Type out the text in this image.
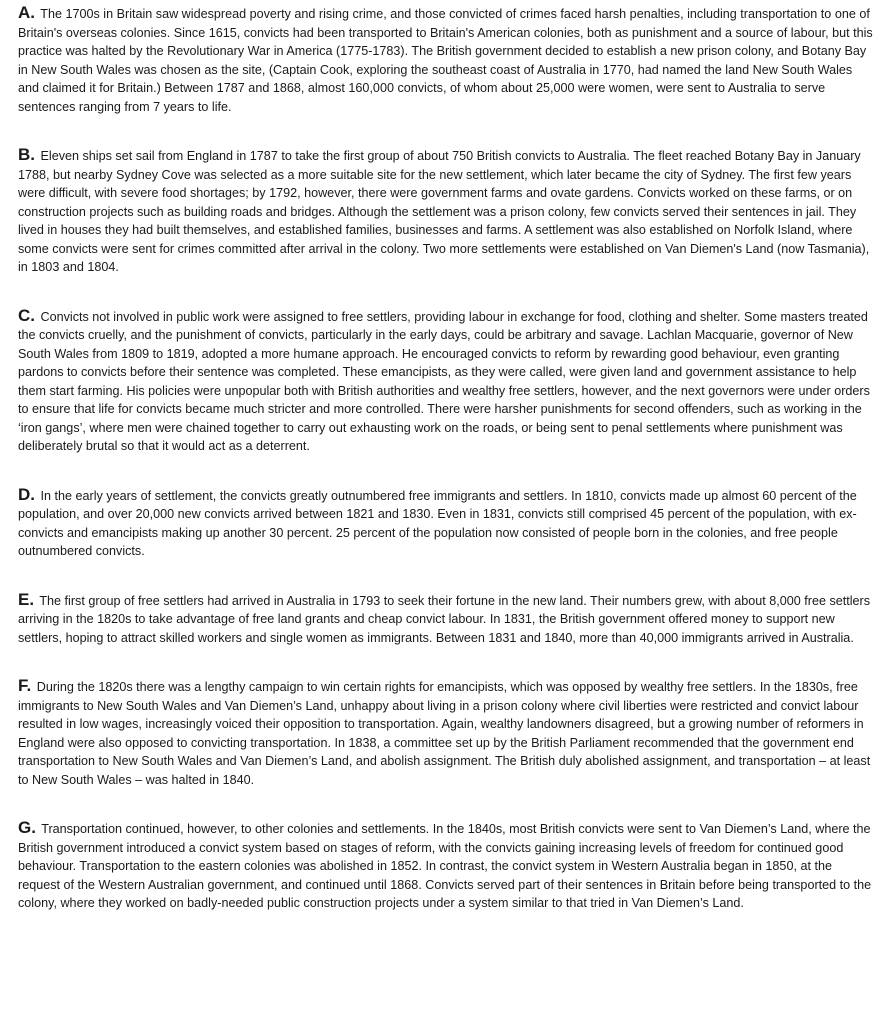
A. The 1700s in Britain saw widespread poverty and rising crime, and those convicted of crimes faced harsh penalties, including transportation to one of Britain's overseas colonies. Since 1615, convicts had been transported to Britain's American colonies, both as punishment and a source of labour, but this practice was halted by the Revolutionary War in America (1775-1783). The British government decided to establish a new prison colony, and Botany Bay in New South Wales was chosen as the site, (Captain Cook, exploring the southeast coast of Australia in 1770, had named the land New South Wales and claimed it for Britain.) Between 1787 and 1868, almost 160,000 convicts, of whom about 25,000 were women, were sent to Australia to serve sentences ranging from 7 years to life.

B. Eleven ships set sail from England in 1787 to take the first group of about 750 British convicts to Australia. The fleet reached Botany Bay in January 1788, but nearby Sydney Cove was selected as a more suitable site for the new settlement, which later became the city of Sydney. The first few years were difficult, with severe food shortages; by 1792, however, there were government farms and ovate gardens. Convicts worked on these farms, or on construction projects such as building roads and bridges. Although the settlement was a prison colony, few convicts served their sentences in jail. They lived in houses they had built themselves, and established families, businesses and farms. A settlement was also established on Norfolk Island, where some convicts were sent for crimes committed after arrival in the colony. Two more settlements were established on Van Diemen's Land (now Tasmania), in 1803 and 1804.

C. Convicts not involved in public work were assigned to free settlers, providing labour in exchange for food, clothing and shelter. Some masters treated the convicts cruelly, and the punishment of convicts, particularly in the early days, could be arbitrary and savage. Lachlan Macquarie, governor of New South Wales from 1809 to 1819, adopted a more humane approach. He encouraged convicts to reform by rewarding good behaviour, even granting pardons to convicts before their sentence was completed. These emancipists, as they were called, were given land and government assistance to help them start farming. His policies were unpopular both with British authorities and wealthy free settlers, however, and the next governors were under orders to ensure that life for convicts became much stricter and more controlled. There were harsher punishments for second offenders, such as working in the ‘iron gangs’, where men were chained together to carry out exhausting work on the roads, or being sent to penal settlements where punishment was deliberately brutal so that it would act as a deterrent.

D. In the early years of settlement, the convicts greatly outnumbered free immigrants and settlers. In 1810, convicts made up almost 60 percent of the population, and over 20,000 new convicts arrived between 1821 and 1830. Even in 1831, convicts still comprised 45 percent of the population, with ex-convicts and emancipists making up another 30 percent. 25 percent of the population now consisted of people born in the colonies, and free people outnumbered convicts.

E. The first group of free settlers had arrived in Australia in 1793 to seek their fortune in the new land. Their numbers grew, with about 8,000 free settlers arriving in the 1820s to take advantage of free land grants and cheap convict labour. In 1831, the British government offered money to support new settlers, hoping to attract skilled workers and single women as immigrants. Between 1831 and 1840, more than 40,000 immigrants arrived in Australia.

F. During the 1820s there was a lengthy campaign to win certain rights for emancipists, which was opposed by wealthy free settlers. In the 1830s, free immigrants to New South Wales and Van Diemen’s Land, unhappy about living in a prison colony where civil liberties were restricted and convict labour resulted in low wages, increasingly voiced their opposition to transportation. Again, wealthy landowners disagreed, but a growing number of reformers in England were also opposed to convicting transportation. In 1838, a committee set up by the British Parliament recommended that the government end transportation to New South Wales and Van Diemen’s Land, and abolish assignment. The British duly abolished assignment, and transportation – at least to New South Wales – was halted in 1840.

G. Transportation continued, however, to other colonies and settlements. In the 1840s, most British convicts were sent to Van Diemen’s Land, where the British government introduced a convict system based on stages of reform, with the convicts gaining increasing levels of freedom for continued good behaviour. Transportation to the eastern colonies was abolished in 1852. In contrast, the convict system in Western Australia began in 1850, at the request of the Western Australian government, and continued until 1868. Convicts served part of their sentences in Britain before being transported to the colony, where they worked on badly-needed public construction projects under a system similar to that tried in Van Diemen’s Land.
